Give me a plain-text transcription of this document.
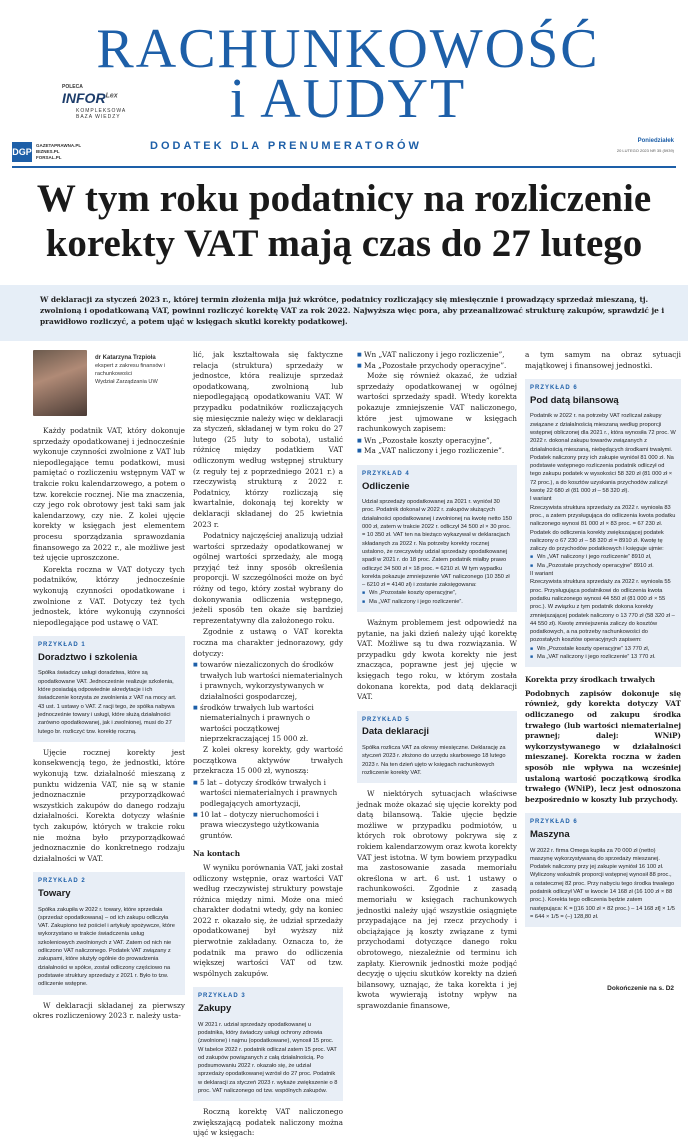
RACHUNKOWOŚĆ
i AUDYT
POLECA
$INFOR^{Lex}$
KOMPLEKSOWA
BAZA WIEDZY
DGP
GAZETAPRAWNA.PL
BIZNES.PL
FORSAL.PL
DODATEK DLA PRENUMERATORÓW	Poniedziałek
20 LUTEGO 2023 NR 35 (5939)
W tym roku podatnicy na rozliczenie korekty VAT mają czas do 27 lutego
W deklaracji za styczeń 2023 r., której termin złożenia mija już wkrótce, podatnicy rozliczający się miesięcznie i prowadzący sprzedaż mieszaną, tj. zwolnioną i opodatkowaną VAT, powinni rozliczyć korektę VAT za rok 2022. Najwyższa więc pora, aby przeanalizować strukturę zakupów, sprawdzić je i prawidłowo rozliczyć, a potem ująć w księgach skutki korekty podatkowej.
dr Katarzyna Trzpioła
ekspert z zakresu finansów i rachunkowości
Wydział Zarządzania UW

Każdy podatnik VAT, który dokonuje sprzedaży opodatkowanej i jednocześnie wykonuje czynności zwolnione z VAT lub niepodlegające temu podatkowi, musi pamiętać o rozliczeniu wstępnym VAT w trakcie roku kalendarzowego, a potem o tzw. korekcie rocznej. Nie ma znaczenia, czy jego rok obrotowy jest taki sam jak kalendarzowy, czy nie. Z kolei ujęcie korekty w księgach jest elementem procesu sporządzania sprawozdania finansowego za 2022 r., ale możliwe jest też ujęcie uproszczone.

Korekta roczna w VAT dotyczy tych podatników, którzy jednocześnie wykonują czynności opodatkowane i zwolnione z VAT. Dotyczy też tych jednostek, które wykonują czynności niepodlegające pod ustawę o VAT.

PRZYKŁAD 1
Doradztwo i szkolenia
Spółka świadczy usługi doradztwa, które są opodatkowane VAT. Jednocześnie realizuje szkolenia, które posiadają odpowiednie akredytacje i ich świadczenie korzysta ze zwolnienia z VAT na mocy art. 43 ust. 1 ustawy o VAT. Z racji tego, że spółka nabywa jednocześnie towary i usługi, które służą działalności zarówno opodatkowanej, jak i zwolnionej, musi do 27 lutego br. rozliczyć tzw. korektę roczną.

Ujęcie rocznej korekty jest konsekwencją tego, że jednostki, które wykonują tzw. działalność mieszaną z punktu widzenia VAT, nie są w stanie jednoznacznie przyporządkować wszystkich zakupów do danego rodzaju działalności. Korekta dotyczy właśnie tych zakupów, których w trakcie roku nie można było przyporządkować jednoznacznie do konkretnego rodzaju działalności w VAT.

PRZYKŁAD 2
Towary
Spółka zakupiła w 2022 r. towary, które sprzedała (sprzedaż opodatkowana) – od ich zakupu odliczyła VAT. Zakupiono też pościel i artykuły spożywcze, które wykorzystano w trakcie świadczenia usług szkoleniowych zwolnionych z VAT. Zatem od nich nie odliczono VAT naliczonego. Podatek VAT związany z zakupami, które służyły ogólnie do prowadzenia działalności w spółce, został odliczony częściowo na podstawie struktury sprzedaży z 2021 r. Było to tzw. odliczenie wstępne.

W deklaracji składanej za pierwszy okres rozliczeniowy 2023 r. należy usta-

lić, jak kształtowała się faktyczne relacja (struktura) sprzedaży w jednostce, która realizuje sprzedaż opodatkowaną, zwolnioną lub niepodlegającą opodatkowaniu VAT. W przypadku podatników rozliczających się miesięcznie należy więc w deklaracji za styczeń, składanej w tym roku do 27 lutego (25 luty to sobota), ustalić różnicę między podatkiem VAT odliczonym według wstępnej struktury (z reguły tej z poprzedniego 2021 r.) a rzeczywistą strukturą z 2022 r. Podatnicy, którzy rozliczają się kwartalnie, dokonają tej korekty w deklaracji składanej do 25 kwietnia 2023 r.

Podatnicy najczęściej analizują udział wartości sprzedaży opodatkowanej w ogólnej wartości sprzedaży, ale mogą przyjąć też inny sposób określenia proporcji. W szczególności może on być różny od tego, który został wybrany do dokonywania odliczenia wstępnego, jeżeli sposób ten okaże się bardziej reprezentatywny dla założonego roku.

Zgodnie z ustawą o VAT korekta roczna ma charakter jednorazowy, gdy dotyczy:

■ towarów niezaliczonych do środków trwałych lub wartości niematerialnych i prawnych, wykorzystywanych w działalności gospodarczej,
■ środków trwałych lub wartości niematerialnych i prawnych o wartości początkowej nieprzekraczającej 15 000 zł.

Z kolei okresy korekty, gdy wartość początkowa aktywów trwałych przekracza 15 000 zł, wynoszą:

■ 5 lat – dotyczy środków trwałych i wartości niematerialnych i prawnych podlegających amortyzacji,
■ 10 lat – dotyczy nieruchomości i prawa wieczystego użytkowania gruntów.
Na kontach

W wyniku porównania VAT, jaki został odliczony wstępnie, oraz wartości VAT według rzeczywistej struktury powstaje różnica między nimi. Może ona mieć charakter dodatni wtedy, gdy na koniec 2022 r. okazało się, że udział sprzedaży opodatkowanej był wyższy niż pierwotnie zakładany. Oznacza to, że podatnik ma prawo do odliczenia większej wartości VAT od tzw. wspólnych zakupów.

PRZYKŁAD 3
Zakupy
W 2021 r. udział sprzedaży opodatkowanej u podatnika, który świadczy usługi ochrony zdrowia (zwolnione) i najmu (opodatkowane), wynosił 15 proc. W tabelce 2022 r. podatnik odliczał zatem 15 proc. VAT od zakupów powiązanych z całą działalnością. Po podsumowaniu 2022 r. okazało się, że udział sprzedaży opodatkowanej wzrósł do 27 proc. Podatnik w deklaracji za styczeń 2023 r. wykaże zwiększenie o 8 proc. VAT naliczonego od tzw. wspólnych zakupów.

Roczną korektę VAT naliczonego zwiększającą podatek naliczony można ująć w księgach:

■ Wn „VAT naliczony i jego rozliczenie”,
■ Ma „Pozostałe przychody operacyjne”.

Może się również okazać, że udział sprzedaży opodatkowanej w ogólnej wartości sprzedaży spadł. Wtedy korekta pokazuje zmniejszenie VAT naliczonego, które jest ujmowane w księgach rachunkowych zapisem:

■ Wn „Pozostałe koszty operacyjne”,
■ Ma „VAT naliczony i jego rozliczenie”.
PRZYKŁAD 4
Odliczenie
Udział sprzedaży opodatkowanej za 2021 r. wyniósł 30 proc. Podatnik dokonał w 2022 r. zakupów służących działalności opodatkowanej i zwolnionej na kwotę netto 150 000 zł, zatem w trakcie 2022 r. odliczył 34 500 zł × 30 proc. = 10 350 zł. VAT ten na bieżąco wykazywał w deklaracjach składanych za 2022 r. Na potrzeby korekty rocznej ustalono, że rzeczywisty udział sprzedaży opodatkowanej spadł w 2021 r. do 18 proc. Zatem podatnik miałby prawo odliczyć 34 500 zł × 18 proc. = 6210 zł. W tym wypadku korekta pokazuje zmniejszenie VAT naliczonego (10 350 zł – 6210 zł = 4140 zł) i zostanie zaksięgowana:
■ Wn „Pozostałe koszty operacyjne”,
■ Ma „VAT naliczony i jego rozliczenie”.

Ważnym problemem jest odpowiedź na pytanie, na jaki dzień należy ująć korektę VAT. Możliwe są tu dwa rozwiązania. W przypadku gdy kwota korekty nie jest znacząca, poprawne jest jej ujęcie w księgach tego roku, w którym została dokonana korekta, pod datą deklaracji VAT.

PRZYKŁAD 5
Data deklaracji
Spółka rozlicza VAT za okresy miesięczne. Deklarację za styczeń 2023 r. złożono do urzędu skarbowego 18 lutego 2023 r. Na ten dzień ujęto w księgach rachunkowych rozliczenie korekty VAT.

W niektórych sytuacjach właściwse jednak może okazać się ujęcie korekty pod datą bilansową. Takie ujęcie będzie możliwe w przypadku podmiotów, u których rok obrotowy pokrywa się z rokiem kalendarzowym oraz kwota korekty VAT jest istotna. W tym bowiem przypadku ma zastosowanie zasada memoriału określona w art. 6 ust. 1 ustawy o rachunkowości. Zgodnie z zasadą memoriału w księgach rachunkowych jednostki należy ująć wszystkie osiągnięte przypadające na jej rzecz przychody i obciążające ją koszty związane z tymi przychodami dotyczące danego roku obrotowego, niezależnie od terminu ich zapłaty. Kierownik jednostki może podjąć decyzję o ujęciu skutków korekty na dzień bilansowy, uznając, że taka korekta i jej kwota wywierają istotny wpływ na sprawozdanie finansowe,

a tym samym na obraz sytuacji majątkowej i finansowej jednostki.

PRZYKŁAD 6
Pod datą bilansową
Podatnik w 2022 r. na potrzeby VAT rozliczał zakupy związane z działalnością mieszaną według proporcji wstępnej obliczonej dla 2021 r., która wynosiła 72 proc. W 2022 r. dokonał zakupu towarów związanych z działalnością mieszaną, niebędących środkami trwałymi. Podatek naliczony przy ich zakupie wyniósł 81 000 zł. Na podstawie wstępnego rozliczenia podatnik odliczył od tego zakupu podatek w wysokości 58 320 zł (81 000 zł × 72 proc.), a do kosztów uzyskania przychodów zaliczył kwotę 22 680 zł (81 000 zł – 58 320 zł).
I wariant
Rzeczywista struktura sprzedaży za 2022 r. wyniosła 83 proc., a zatem przysługująca do odliczenia kwota podatku naliczonego wynosi 81 000 zł × 83 proc. = 67 230 zł. Podatek do odliczenia korekty zwiększającej podatek naliczony o 67 230 zł – 58 320 zł = 8910 zł. Kwotę tę zaliczy do przychodów podatkowych i księguje ujmie:
■ Wn „VAT naliczony i jego rozliczenie” 8910 zł,
■ Ma „Pozostałe przychody operacyjne” 8910 zł.
II wariant
Rzeczywista struktura sprzedaży za 2022 r. wyniosła 55 proc. Przysługująca podatnikowi do odliczenia kwota podatku naliczonego wynosi 44 550 zł (81 000 zł × 55 proc.). W związku z tym podatnik dokona korekty zmniejszającej podatek naliczony o 13 770 zł (58 320 zł – 44 550 zł). Kwotę zmniejszenia zaliczy do kosztów podatkowych, a na potrzeby rachunkowości do pozostałych kosztów operacyjnych zapisem:
■ Wn „Pozostałe koszty operacyjne” 13 770 zł,
■ Ma „VAT naliczony i jego rozliczenie” 13 770 zł.
Korekta przy środkach trwałych

Podobnych zapisów dokonuje się również, gdy korekta dotyczy VAT odliczanego od zakupu środka trwałego (lub wartości niematerialnej prawnej; dalej: WNiP) wykorzystywanego w działalności mieszanej. Korekta roczna w żaden sposób nie wpływa na wcześniej ustaloną wartość początkową środka trwałego (WNiP), lecz jest odnoszona bezpośrednio w koszty lub przychody.

PRZYKŁAD 6
Maszyna
W 2022 r. firma Omega kupiła za 70 000 zł (netto) maszynę wykorzystywaną do sprzedaży mieszanej. Podatek naliczony przy jej zakupie wyniósł 16 100 zł. Wyliczony wskaźnik proporcji wstępnej wynosił 88 proc., a ostatecznej 82 proc. Przy nabyciu tego środka trwałego podatnik odliczył VAT w kwocie 14 168 zł (16 100 zł × 88 proc.). Korekta tego odliczenia będzie zatem następująca: K = [(16 100 zł × 82 proc.) – 14 168 zł] × 1/5 = 644 × 1/5 = (–) 128,80 zł.
Dokończenie na s. D2
